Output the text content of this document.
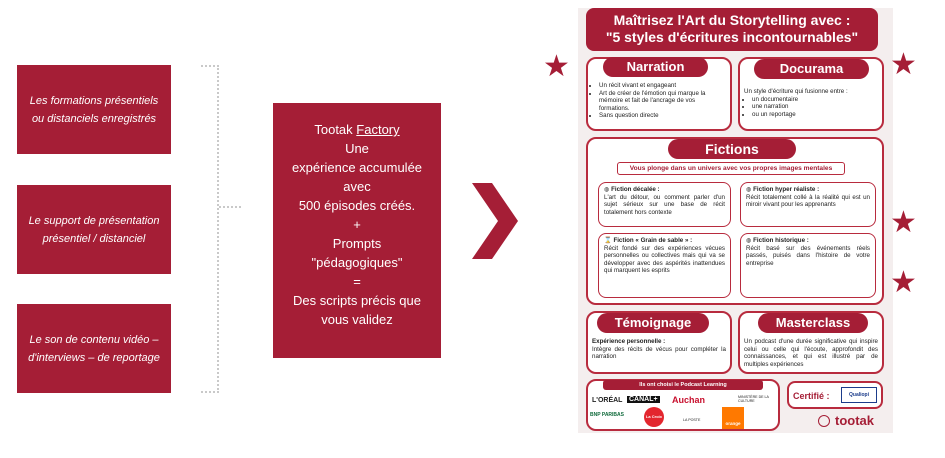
Les formations présentiels ou distanciels enregistrés
Le support de présentation présentiel / distanciel
Le son de contenu vidéo – d'interviews – de reportage
Tootak Factory
Une
expérience accumulée
avec
500 épisodes créés.
+
Prompts
"pédagogiques"
=
Des scripts précis que
vous validez
Maîtrisez l'Art du Storytelling avec :
"5 styles d'écritures incontournables"
★	★
★
★
• Un récit vivant et engageant
• Art de créer de l'émotion qui marque la mémoire et fait de l'ancrage de vos formations.
• Sans question directe
Narration
Un style d'écriture qui fusionne entre :
• un documentaire
• une narration
• ou un reportage
Docurama
Fictions
Vous plonge dans un univers avec vos propres images mentales
◍ Fiction décalée :
L'art du détour, ou comment parler d'un sujet sérieux sur une base de récit totalement hors contexte
◍ Fiction hyper réaliste :
Récit totalement collé à la réalité qui est un miroir vivant pour les apprenants
⌛ Fiction « Grain de sable » :
Récit fondé sur des expériences vécues personnelles ou collectives mais qui va se développer avec des aspérités inattendues qui marquent les esprits
◍ Fiction historique :
Récit basé sur des événements réels passés, puisés dans l'histoire de votre entreprise
Expérience personnelle :
Intègre des récits de vécus pour compléter la narration
Témoignage
Un podcast d'une durée significative qui inspire celui ou celle qui l'écoute, approfondit des connaissances, et qui est illustré par de multiples expériences
Masterclass
Ils ont choisi le Podcast Learning
L'ORÉAL CANAL+ Auchan	MINISTÈRE DE LA CULTURE
BNP PARIBAS	La Croix
LA POSTE
orange
Certifié :	Qualiopi
tootak
